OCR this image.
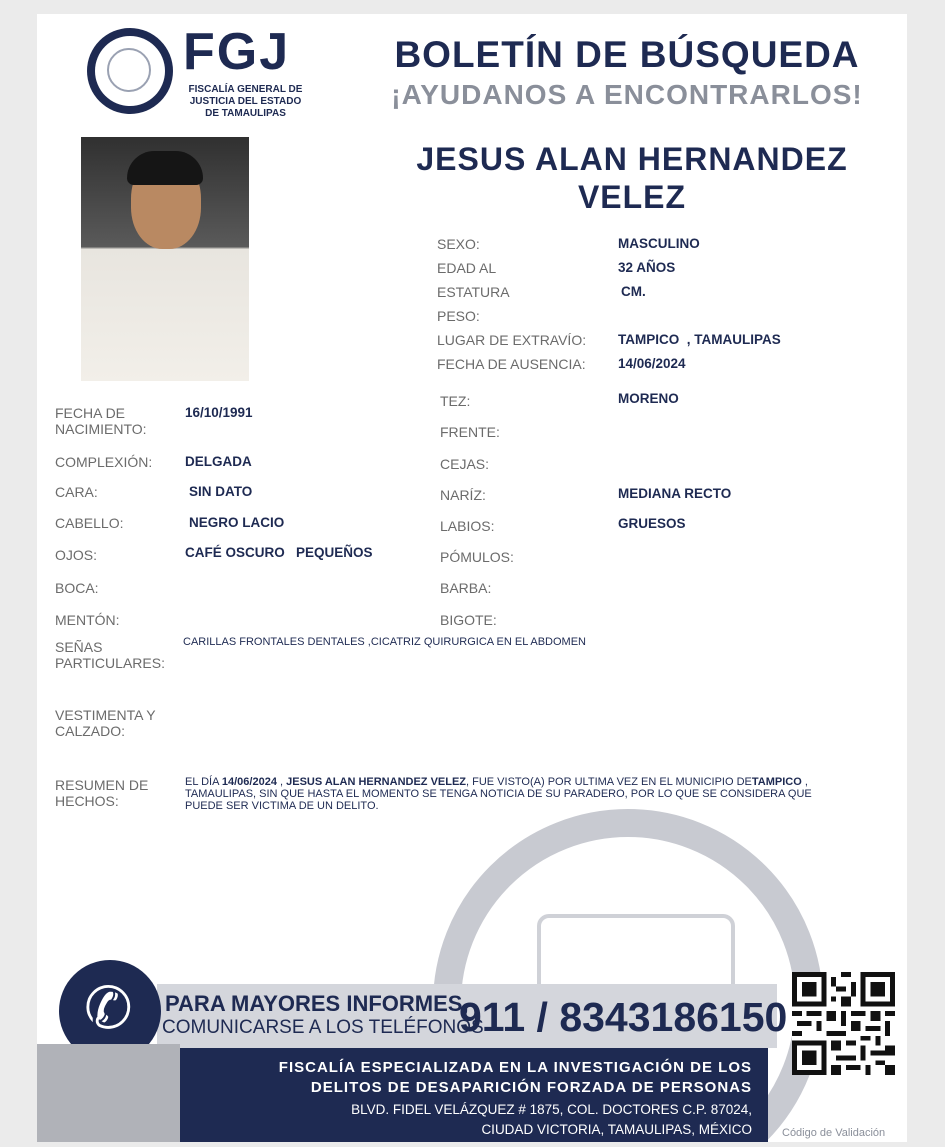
FGJ
FISCALÍA GENERAL DE
JUSTICIA DEL ESTADO
DE TAMAULIPAS
BOLETÍN DE BÚSQUEDA
¡AYUDANOS A ENCONTRARLOS!
JESUS ALAN HERNANDEZ
VELEZ
SEXO:	MASCULINO
EDAD AL	32 AÑOS
ESTATURA	CM.
PESO:
LUGAR DE EXTRAVÍO: TAMPICO  , TAMAULIPAS
FECHA DE AUSENCIA: 14/06/2024
FECHA DE
NACIMIENTO:
16/10/1991
COMPLEXIÓN: DELGADA
CARA:	SIN DATO
CABELLO:	NEGRO LACIO
OJOS:	CAFÉ OSCURO   PEQUEÑOS
BOCA:
MENTÓN:
TEZ:	MORENO
FRENTE:
CEJAS:
NARÍZ:	MEDIANA RECTO
LABIOS:	GRUESOS
PÓMULOS:
BARBA:
BIGOTE:
SEÑAS
PARTICULARES:
CARILLAS FRONTALES DENTALES ,CICATRIZ QUIRURGICA EN EL ABDOMEN
VESTIMENTA Y
CALZADO:
RESUMEN DE
HECHOS:
EL DÍA 14/06/2024 , JESUS ALAN HERNANDEZ VELEZ, FUE VISTO(A) POR ULTIMA VEZ EN EL MUNICIPIO DETAMPICO , TAMAULIPAS, SIN QUE HASTA EL MOMENTO SE TENGA NOTICIA DE SU PARADERO, POR LO QUE SE CONSIDERA QUE PUEDE SER VICTIMA DE UN DELITO.
✆ PARA MAYORES INFORMES,
COMUNICARSE A LOS TELÉFONOS
911 / 8343186150
FISCALÍA ESPECIALIZADA EN LA INVESTIGACIÓN DE LOS
DELITOS DE DESAPARICIÓN FORZADA DE PERSONAS
BLVD. FIDEL VELÁZQUEZ # 1875, COL. DOCTORES C.P. 87024,
CIUDAD VICTORIA, TAMAULIPAS, MÉXICO	Código de Validación
